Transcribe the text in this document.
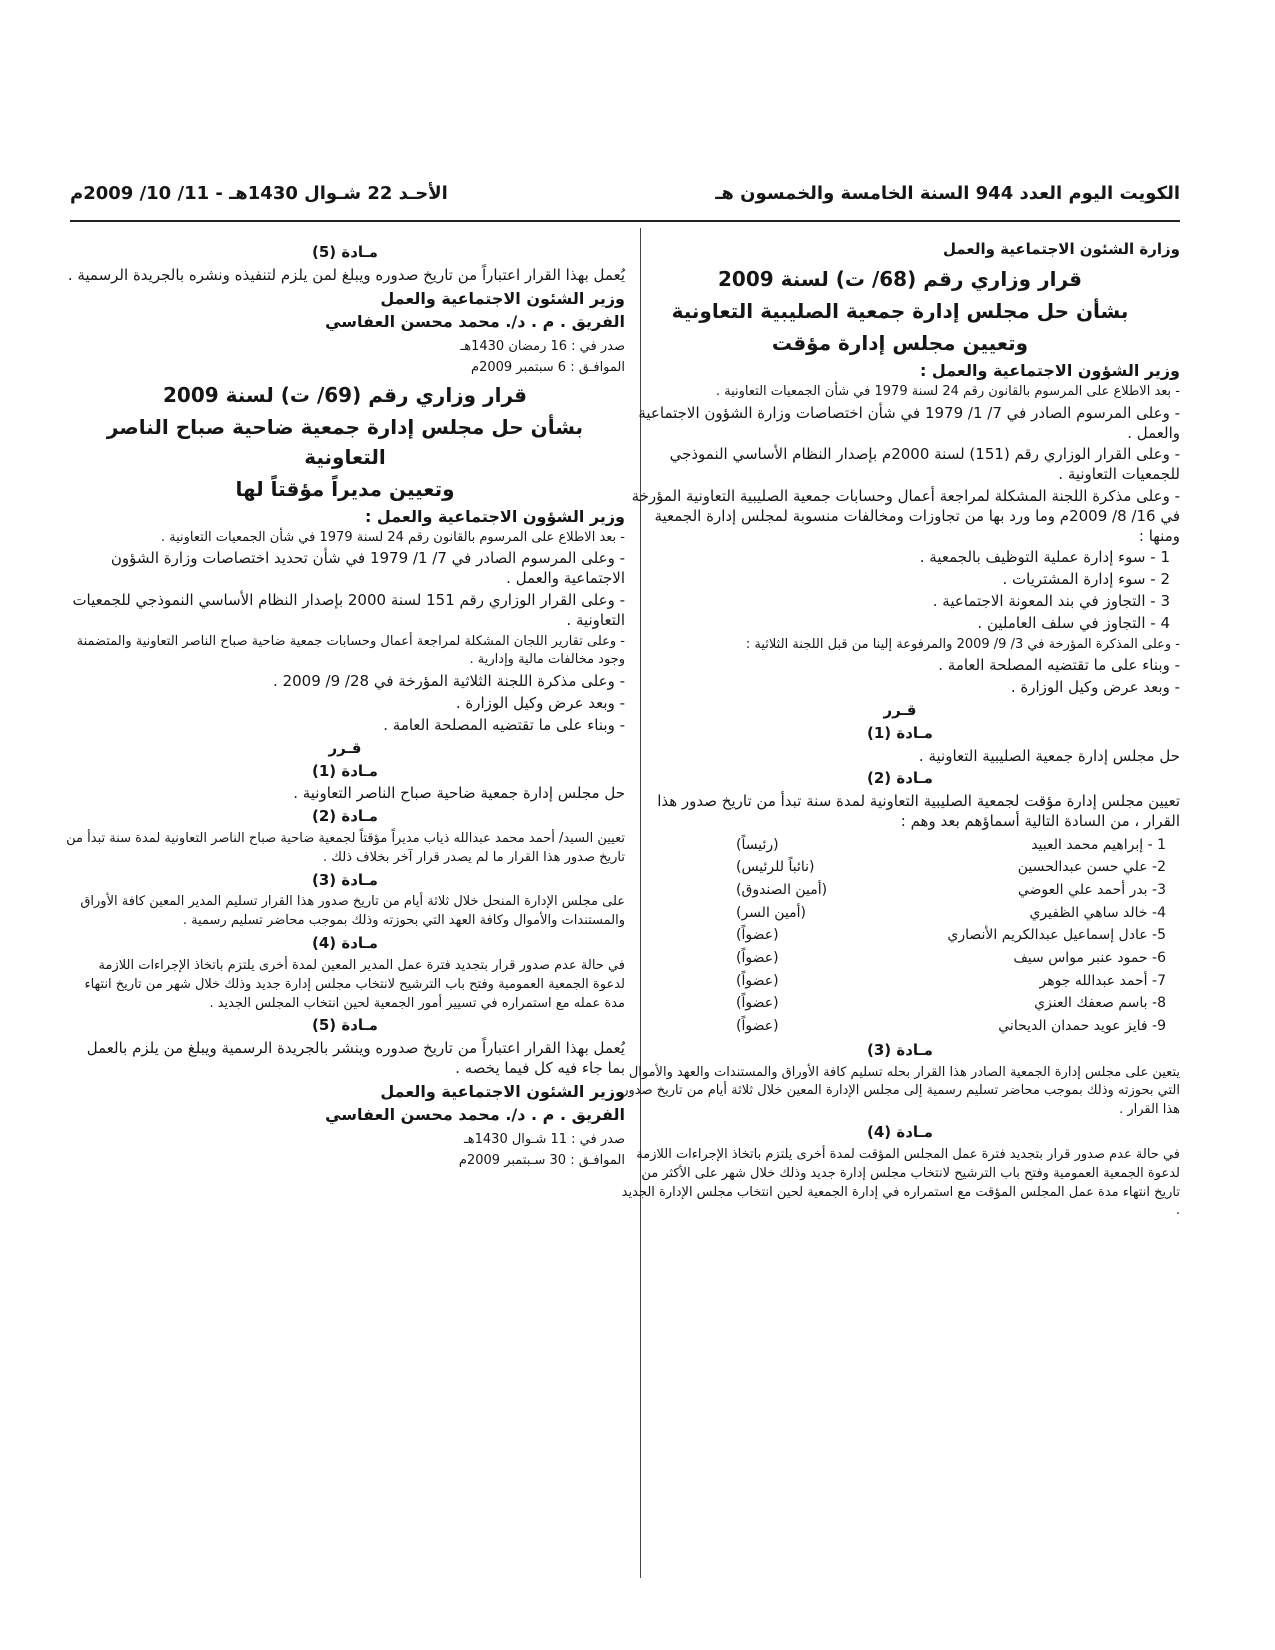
الكويت اليوم العدد 944 السنة الخامسة والخمسون هـ
الأحـد 22 شـوال 1430هـ - 11/ 10/ 2009م

وزارة الشئون الاجتماعية والعمل

قرار وزاري رقم (68/ ت) لسنة 2009

بشأن حل مجلس إدارة جمعية الصليبية التعاونية

وتعيين مجلس إدارة مؤقت

وزير الشؤون الاجتماعية والعمل :

- بعد الاطلاع على المرسوم بالقانون رقم 24 لسنة 1979 في شأن الجمعيات التعاونية .

- وعلى المرسوم الصادر في 7/ 1/ 1979 في شأن اختصاصات وزارة الشؤون الاجتماعية والعمل .

- وعلى القرار الوزاري رقم (151) لسنة 2000م بإصدار النظام الأساسي النموذجي للجمعيات التعاونية .

- وعلى مذكرة اللجنة المشكلة لمراجعة أعمال وحسابات جمعية الصليبية التعاونية المؤرخة في 16/ 8/ 2009م وما ورد بها من تجاوزات ومخالفات منسوبة لمجلس إدارة الجمعية ومنها :

1 - سوء إدارة عملية التوظيف بالجمعية .

2 - سوء إدارة المشتريات .

3 - التجاوز في بند المعونة الاجتماعية .

4 - التجاوز في سلف العاملين .

- وعلى المذكرة المؤرخة في 3/ 9/ 2009 والمرفوعة إلينا من قبل اللجنة الثلاثية :

- وبناء على ما تقتضيه المصلحة العامة .

- وبعد عرض وكيل الوزارة .

قـرر

مـادة (1)

حل مجلس إدارة جمعية الصليبية التعاونية .

مـادة (2)

تعيين مجلس إدارة مؤقت لجمعية الصليبية التعاونية لمدة سنة تبدأ من تاريخ صدور هذا القرار ، من السادة التالية أسماؤهم بعد وهم :

1 - إبراهيم محمد العبيد
(رئيساً)
2- علي حسن عبدالحسين
(نائباً للرئيس)
3- بدر أحمد علي العوضي
(أمين الصندوق)
4- خالد ساهي الظفيري
(أمين السر)
5- عادل إسماعيل عبدالكريم الأنصاري
(عضواً)
6- حمود عنبر مواس سيف
(عضواً)
7- أحمد عبدالله جوهر
(عضواً)
8- باسم صعفك العنزي
(عضواً)
9- فايز عويد حمدان الديحاني
(عضواً)

مـادة (3)

يتعين على مجلس إدارة الجمعية الصادر هذا القرار بحله تسليم كافة الأوراق والمستندات والعهد والأموال التي بحوزته وذلك بموجب محاضر تسليم رسمية إلى مجلس الإدارة المعين خلال ثلاثة أيام من تاريخ صدور هذا القرار .

مـادة (4)

في حالة عدم صدور قرار بتجديد فترة عمل المجلس المؤقت لمدة أخرى يلتزم باتخاذ الإجراءات اللازمة لدعوة الجمعية العمومية وفتح باب الترشيح لانتخاب مجلس إدارة جديد وذلك خلال شهر على الأكثر من تاريخ انتهاء مدة عمل المجلس المؤقت مع استمراره في إدارة الجمعية لحين انتخاب مجلس الإدارة الجديد .

مـادة (5)

يُعمل بهذا القرار اعتباراً من تاريخ صدوره ويبلغ لمن يلزم لتنفيذه ونشره بالجريدة الرسمية .

وزير الشئون الاجتماعية والعمل

الفريق . م . د/. محمد محسن العفاسي

صدر في : 16 رمضان 1430هـ

الموافـق : 6 سبتمبر 2009م

قرار وزاري رقم (69/ ت) لسنة 2009

بشأن حل مجلس إدارة جمعية ضاحية صباح الناصر التعاونية

وتعيين مديراً مؤقتاً لها

وزير الشؤون الاجتماعية والعمل :

- بعد الاطلاع على المرسوم بالقانون رقم 24 لسنة 1979 في شأن الجمعيات التعاونية .

- وعلى المرسوم الصادر في 7/ 1/ 1979 في شأن تحديد اختصاصات وزارة الشؤون الاجتماعية والعمل .

- وعلى القرار الوزاري رقم 151 لسنة 2000 بإصدار النظام الأساسي النموذجي للجمعيات التعاونية .

- وعلى تقارير اللجان المشكلة لمراجعة أعمال وحسابات جمعية ضاحية صباح الناصر التعاونية والمتضمنة وجود مخالفات مالية وإدارية .

- وعلى مذكرة اللجنة الثلاثية المؤرخة في 28/ 9/ 2009 .

- وبعد عرض وكيل الوزارة .

- وبناء على ما تقتضيه المصلحة العامة .

قـرر

مـادة (1)

حل مجلس إدارة جمعية ضاحية صباح الناصر التعاونية .

مـادة (2)

تعيين السيد/ أحمد محمد عبدالله ذياب مديراً مؤقتاً لجمعية ضاحية صباح الناصر التعاونية لمدة سنة تبدأ من تاريخ صدور هذا القرار ما لم يصدر قرار آخر بخلاف ذلك .

مـادة (3)

على مجلس الإدارة المنحل خلال ثلاثة أيام من تاريخ صدور هذا القرار تسليم المدير المعين كافة الأوراق والمستندات والأموال وكافة العهد التي بحوزته وذلك بموجب محاضر تسليم رسمية .

مـادة (4)

في حالة عدم صدور قرار بتجديد فترة عمل المدير المعين لمدة أخرى يلتزم باتخاذ الإجراءات اللازمة لدعوة الجمعية العمومية وفتح باب الترشيح لانتخاب مجلس إدارة جديد وذلك خلال شهر من تاريخ انتهاء مدة عمله مع استمراره في تسيير أمور الجمعية لحين انتخاب المجلس الجديد .

مـادة (5)

يُعمل بهذا القرار اعتباراً من تاريخ صدوره وينشر بالجريدة الرسمية ويبلغ من يلزم بالعمل بما جاء فيه كل فيما يخصه .

وزير الشئون الاجتماعية والعمل

الفريق . م . د/. محمد محسن العفاسي

صدر في : 11 شـوال 1430هـ

الموافـق : 30 سـبتمبر 2009م
